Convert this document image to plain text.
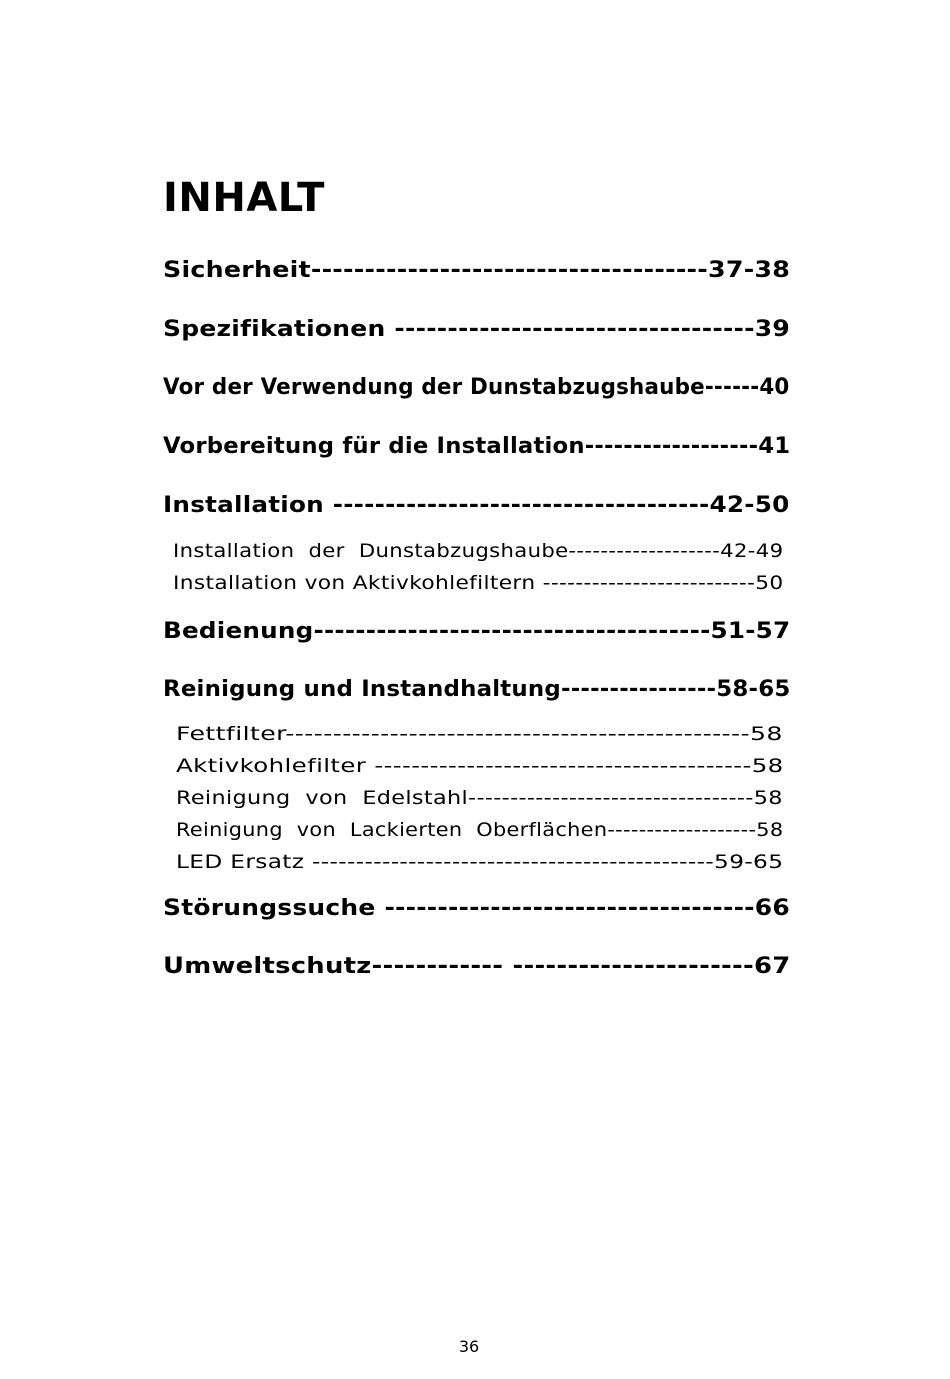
INHALT
Sicherheit-------------------------------------37-38
Spezifikationen ----------------------------------39
Vor der Verwendung der Dunstabzugshaube------40
Vorbereitung für die Installation------------------41
Installation ------------------------------------42-50
Installation  der  Dunstabzugshaube-------------------42-49
Installation von Aktivkohlefiltern --------------------------50
Bedienung--------------------------------------51-57
Reinigung und Instandhaltung----------------58-65
Fettfilter-------------------------------------------------58
Aktivkohlefilter -----------------------------------------58
Reinigung  von  Edelstahl----------------------------------58
Reinigung  von  Lackierten  Oberflächen-------------------58
LED Ersatz ----------------------------------------------59-65
Störungssuche -----------------------------------66
Umweltschutz------------ ----------------------67
36
